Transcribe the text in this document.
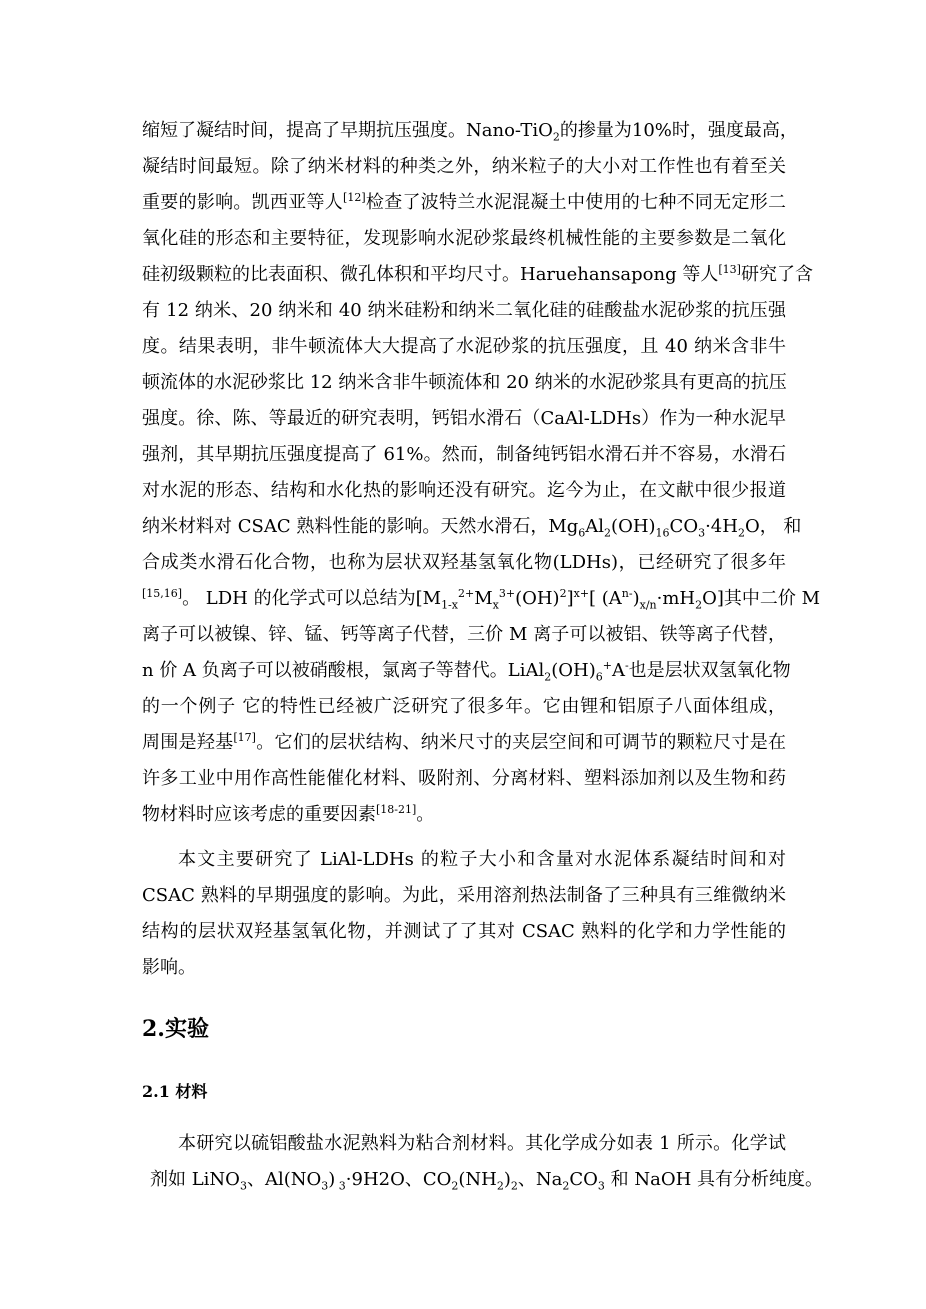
缩短了凝结时间，提高了早期抗压强度。Nano-TiO$_2$的掺量为10%时，强度最高，
凝结时间最短。除了纳米材料的种类之外，纳米粒子的大小对工作性也有着至关
重要的影响。凯西亚等人[12]检查了波特兰水泥混凝土中使用的七种不同无定形二
氧化硅的形态和主要特征，发现影响水泥砂浆最终机械性能的主要参数是二氧化
硅初级颗粒的比表面积、微孔体积和平均尺寸。Haruehansapong 等人[13]研究了含
有 12 纳米、20 纳米和 40 纳米硅粉和纳米二氧化硅的硅酸盐水泥砂浆的抗压强
度。结果表明，非牛顿流体大大提高了水泥砂浆的抗压强度，且 40 纳米含非牛
顿流体的水泥砂浆比 12 纳米含非牛顿流体和 20 纳米的水泥砂浆具有更高的抗压
强度。徐、陈、等最近的研究表明，钙铝水滑石（CaAl-LDHs）作为一种水泥早
强剂，其早期抗压强度提高了 61%。然而，制备纯钙铝水滑石并不容易，水滑石
对水泥的形态、结构和水化热的影响还没有研究。迄今为止，在文献中很少报道
纳米材料对 CSAC 熟料性能的影响。天然水滑石，$Mg_6Al_2(OH)_{16}CO_3\cdot 4H_2O$， 和
合成类水滑石化合物，也称为层状双羟基氢氧化物(LDHs)，已经研究了很多年
[15,16]。 LDH 的化学式可以总结为$[M_{1-x}^{2+}M_x^{3+}(OH)^2]^{x+}$[ $(A^{n-})_{x/n}\cdot mH_2O$]其中二价 M
离子可以被镍、锌、锰、钙等离子代替，三价 M 离子可以被铝、铁等离子代替，
n 价 A 负离子可以被硝酸根，氯离子等替代。$LiAl_2(OH)_6^+A^-$也是层状双氢氧化物
的一个例子 它的特性已经被广泛研究了很多年。它由锂和铝原子八面体组成，
周围是羟基[17]。它们的层状结构、纳米尺寸的夹层空间和可调节的颗粒尺寸是在
许多工业中用作高性能催化材料、吸附剂、分离材料、塑料添加剂以及生物和药
物材料时应该考虑的重要因素[18-21]。
本文主要研究了 LiAl-LDHs 的粒子大小和含量对水泥体系凝结时间和对
CSAC 熟料的早期强度的影响。为此，采用溶剂热法制备了三种具有三维微纳米
结构的层状双羟基氢氧化物，并测试了了其对 CSAC 熟料的化学和力学性能的
影响。
2.实验
2.1 材料
本研究以硫铝酸盐水泥熟料为粘合剂材料。其化学成分如表 1 所示。化学试
剂如 LiNO$_3$、$Al(NO_3)$ $_3$·9H2O、$CO_2(NH_2)_2$、$Na_2CO_3$ 和 NaOH 具有分析纯度。
